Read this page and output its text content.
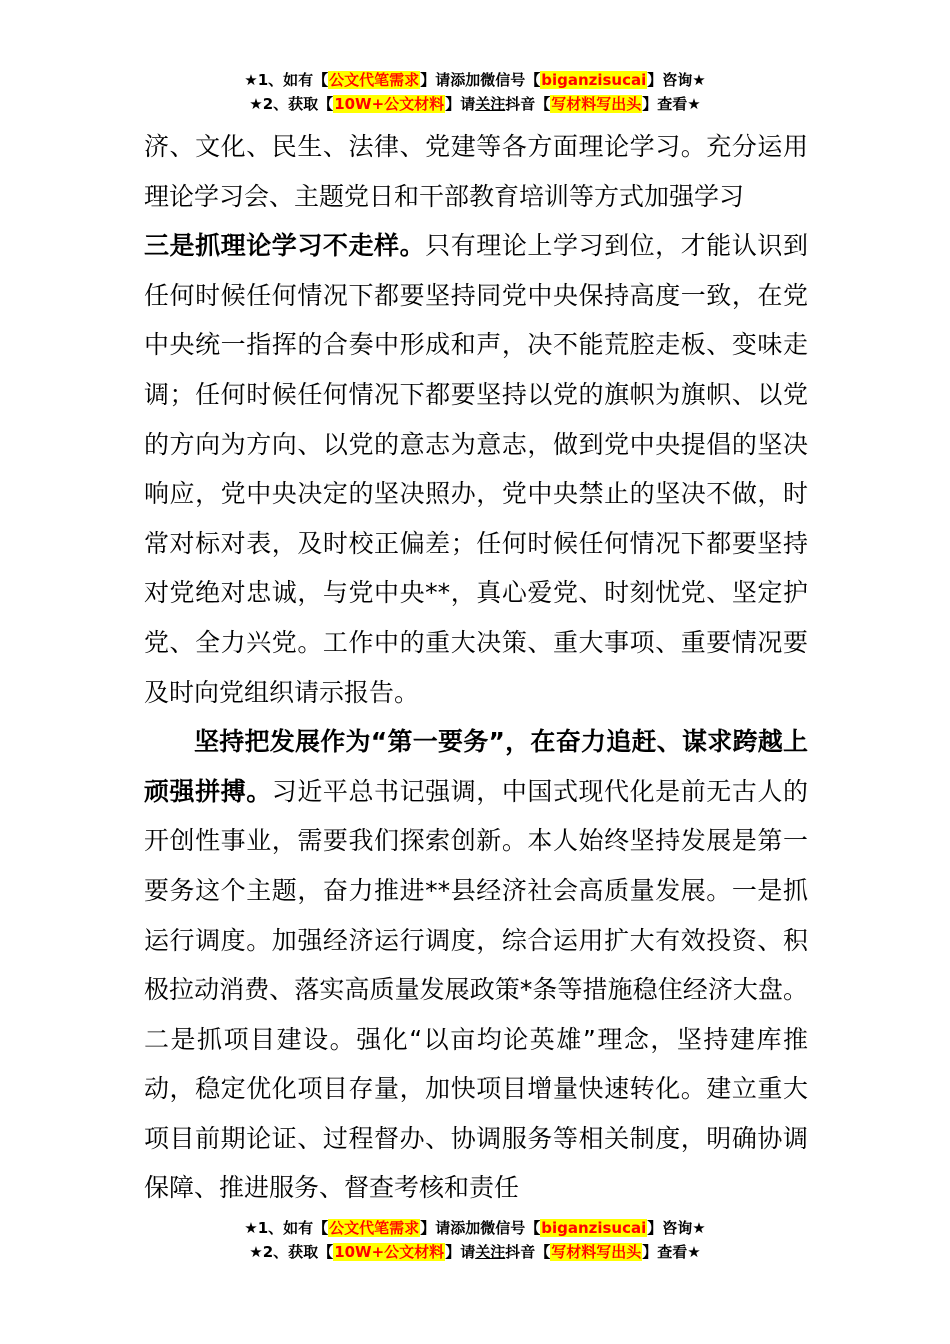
★1、如有【公文代笔需求】请添加微信号【biganzisucai】咨询★
★2、获取【10W+公文材料】请关注抖音【写材料写出头】查看★

济、文化、民生、法律、党建等各方面理论学习。充分运用理论学习会、主题党日和干部教育培训等方式加强学习

三是抓理论学习不走样。只有理论上学习到位，才能认识到任何时候任何情况下都要坚持同党中央保持高度一致，在党中央统一指挥的合奏中形成和声，决不能荒腔走板、变味走调；任何时候任何情况下都要坚持以党的旗帜为旗帜、以党的方向为方向、以党的意志为意志，做到党中央提倡的坚决响应，党中央决定的坚决照办，党中央禁止的坚决不做，时常对标对表，及时校正偏差；任何时候任何情况下都要坚持对党绝对忠诚，与党中央**，真心爱党、时刻忧党、坚定护党、全力兴党。工作中的重大决策、重大事项、重要情况要及时向党组织请示报告。

坚持把发展作为“第一要务”，在奋力追赶、谋求跨越上顽强拼搏。习近平总书记强调，中国式现代化是前无古人的开创性事业，需要我们探索创新。本人始终坚持发展是第一要务这个主题，奋力推进**县经济社会高质量发展。一是抓运行调度。加强经济运行调度，综合运用扩大有效投资、积极拉动消费、落实高质量发展政策*条等措施稳住经济大盘。二是抓项目建设。强化“以亩均论英雄”理念，坚持建库推动，稳定优化项目存量，加快项目增量快速转化。建立重大项目前期论证、过程督办、协调服务等相关制度，明确协调保障、推进服务、督查考核和责任

★1、如有【公文代笔需求】请添加微信号【biganzisucai】咨询★
★2、获取【10W+公文材料】请关注抖音【写材料写出头】查看★
